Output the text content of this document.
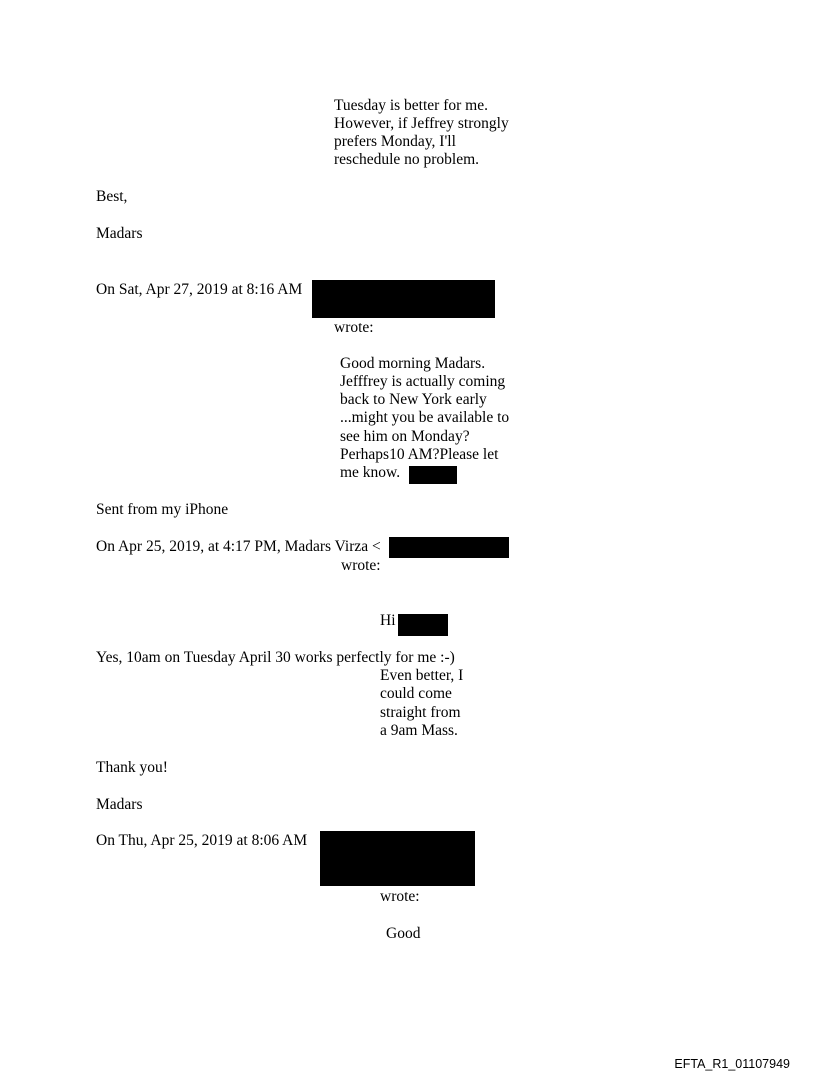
Tuesday is better for me.

However, if Jeffrey strongly

prefers Monday, I'll

reschedule no problem.

Best,

Madars

On Sat, Apr 27, 2019 at 8:16 AM

wrote:

Good morning Madars.

Jefffrey is actually coming

back to New York early

...might you be available to

see him on Monday?

Perhaps10 AM?Please let

me know.

Sent from my iPhone

On Apr 25, 2019, at 4:17 PM, Madars Virza <

wrote:

Hi

Yes, 10am on Tuesday April 30 works perfectly for me :-)

Even better, I

could come

straight from

a 9am Mass.

Thank you!

Madars

On Thu, Apr 25, 2019 at 8:06 AM

wrote:

Good

EFTA_R1_01107949
